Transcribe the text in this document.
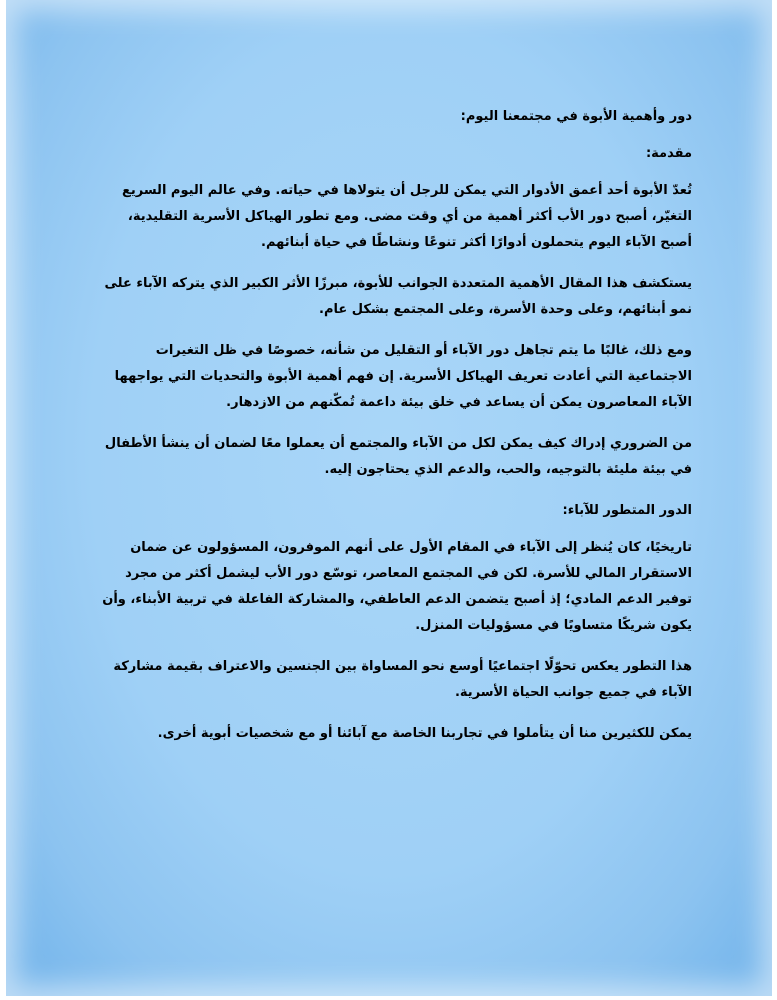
دور وأهمية الأبوة في مجتمعنا اليوم:

مقدمة:

تُعدّ الأبوة أحد أعمق الأدوار التي يمكن للرجل أن يتولاها في حياته. وفي عالم اليوم السريع التغيّر، أصبح دور الأب أكثر أهمية من أي وقت مضى. ومع تطور الهياكل الأسرية التقليدية، أصبح الآباء اليوم يتحملون أدوارًا أكثر تنوعًا ونشاطًا في حياة أبنائهم.

يستكشف هذا المقال الأهمية المتعددة الجوانب للأبوة، مبرزًا الأثر الكبير الذي يتركه الآباء على نمو أبنائهم، وعلى وحدة الأسرة، وعلى المجتمع بشكل عام.

ومع ذلك، غالبًا ما يتم تجاهل دور الآباء أو التقليل من شأنه، خصوصًا في ظل التغيرات الاجتماعية التي أعادت تعريف الهياكل الأسرية. إن فهم أهمية الأبوة والتحديات التي يواجهها الآباء المعاصرون يمكن أن يساعد في خلق بيئة داعمة تُمكّنهم من الازدهار.

من الضروري إدراك كيف يمكن لكل من الآباء والمجتمع أن يعملوا معًا لضمان أن ينشأ الأطفال في بيئة مليئة بالتوجيه، والحب، والدعم الذي يحتاجون إليه.

الدور المتطور للآباء:

تاريخيًا، كان يُنظر إلى الآباء في المقام الأول على أنهم الموفرون، المسؤولون عن ضمان الاستقرار المالي للأسرة. لكن في المجتمع المعاصر، توسّع دور الأب ليشمل أكثر من مجرد توفير الدعم المادي؛ إذ أصبح يتضمن الدعم العاطفي، والمشاركة الفاعلة في تربية الأبناء، وأن يكون شريكًا متساويًا في مسؤوليات المنزل.

هذا التطور يعكس تحوّلًا اجتماعيًا أوسع نحو المساواة بين الجنسين والاعتراف بقيمة مشاركة الآباء في جميع جوانب الحياة الأسرية.

يمكن للكثيرين منا أن يتأملوا في تجاربنا الخاصة مع آبائنا أو مع شخصيات أبوية أخرى.
